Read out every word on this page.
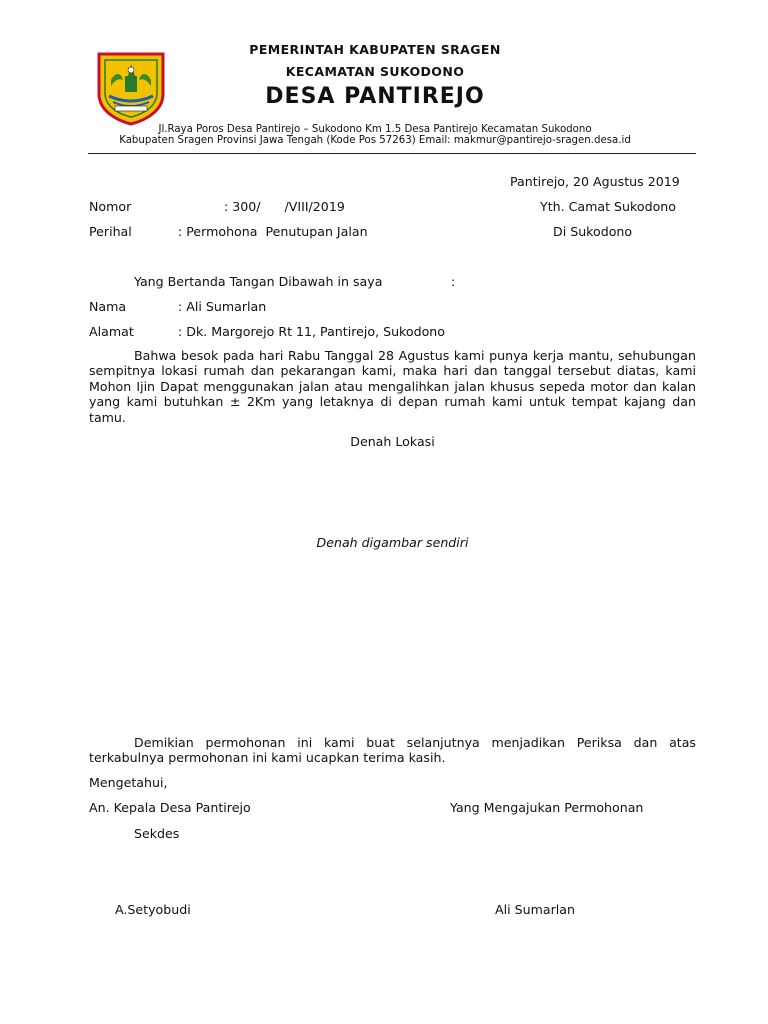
PEMERINTAH KABUPATEN SRAGEN
KECAMATAN SUKODONO
DESA PANTIREJO
Jl.Raya Poros Desa Pantirejo – Sukodono Km 1.5 Desa Pantirejo Kecamatan Sukodono
Kabupaten Sragen Provinsi Jawa Tengah (Kode Pos 57263) Email: makmur@pantirejo-sragen.desa.id
Pantirejo, 20 Agustus 2019
Nomor	: 300/      /VIII/2019	Yth. Camat Sukodono
Perihal	: Permohona  Penutupan Jalan	Di Sukodono
Yang Bertanda Tangan Dibawah in saya	:
Nama	: Ali Sumarlan
Alamat	: Dk. Margorejo Rt 11, Pantirejo, Sukodono
Bahwa besok pada hari Rabu Tanggal 28 Agustus kami punya kerja mantu, sehubungan sempitnya lokasi rumah dan pekarangan kami, maka hari dan tanggal tersebut diatas, kami Mohon Ijin Dapat menggunakan jalan atau mengalihkan jalan khusus sepeda motor dan kalan yang kami butuhkan ± 2Km yang letaknya di depan rumah kami untuk tempat kajang dan tamu.
Denah Lokasi
Denah digambar sendiri
Demikian permohonan ini kami buat selanjutnya menjadikan Periksa dan atas terkabulnya permohonan ini kami ucapkan terima kasih.
Mengetahui,
An. Kepala Desa Pantirejo	Yang Mengajukan Permohonan
Sekdes
A.Setyobudi	Ali Sumarlan
